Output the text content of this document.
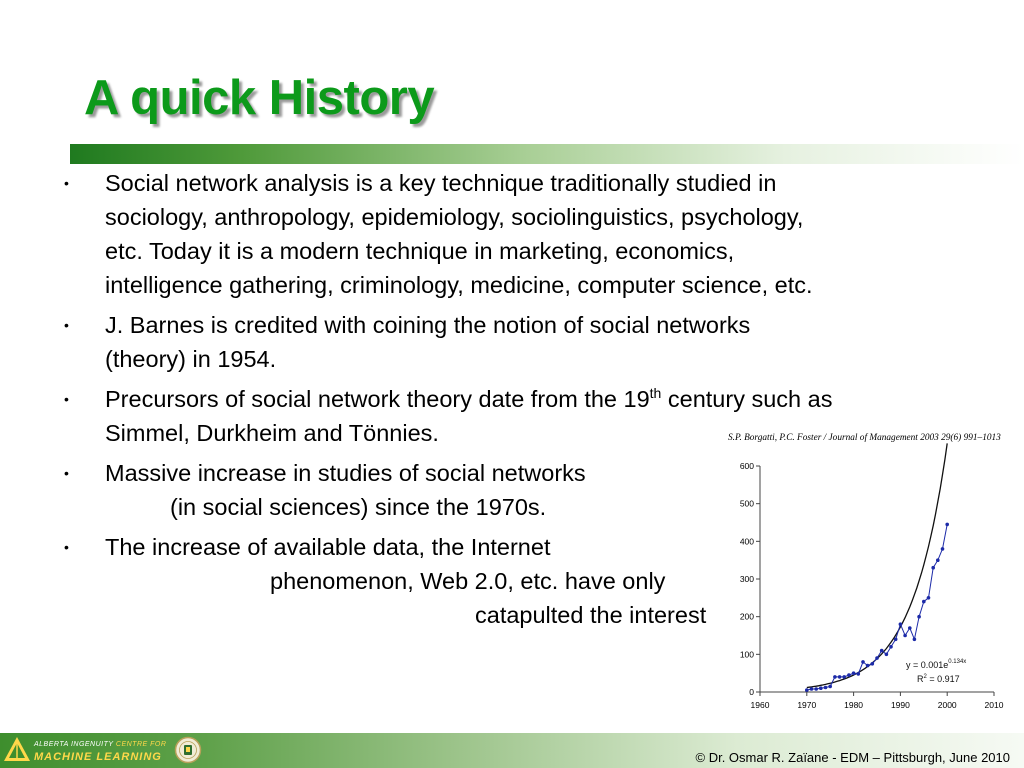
A quick History
• Social network analysis is a key technique traditionally studied in
sociology, anthropology, epidemiology, sociolinguistics, psychology,
etc. Today it is a modern technique in marketing, economics,
intelligence gathering, criminology, medicine, computer science, etc.
• J. Barnes is credited with coining the notion of social networks
(theory) in 1954.
• Precursors of social network theory date from the 19th century such as
Simmel, Durkheim and Tönnies.
• Massive increase in studies of social networks
(in social sciences) since the 1970s.
• The increase of available data, the Internet
phenomenon, Web 2.0, etc. have only
catapulted the interest
S.P. Borgatti, P.C. Foster / Journal of Management 2003 29(6) 991–1013
1960	1970	1980	1990	2000	2010
0
100
200
300
400
500
600
$y = 0.001e^{0.134x}$
$R^2 = 0.917$
ALBERTA INGENUITY CENTRE FOR
MACHINE LEARNING	© Dr. Osmar R. Zaïane - EDM – Pittsburgh, June 2010
